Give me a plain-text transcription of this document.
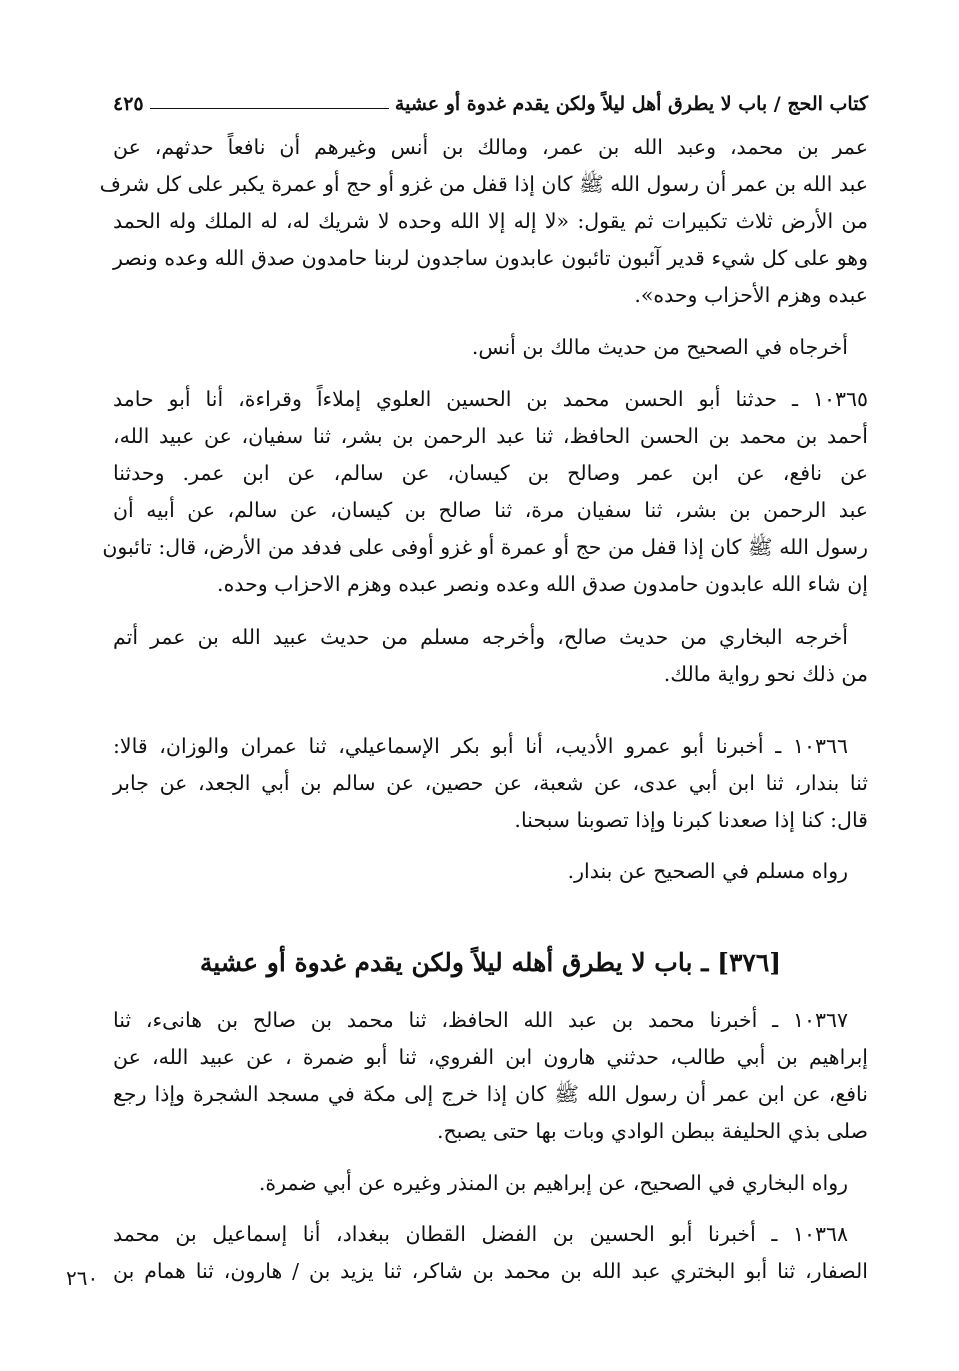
كتاب الحج / باب لا يطرق أهل ليلاً ولكن يقدم غدوة أو عشية
٤٢٥

عمر بن محمد، وعبد الله بن عمر، ومالك بن أنس وغيرهم أن نافعاً حدثهم، عن

عبد الله بن عمر أن رسول الله ﷺ كان إذا قفل من غزو أو حج أو عمرة يكبر على كل شرف

من الأرض ثلاث تكبيرات ثم يقول: «لا إله إلا الله وحده لا شريك له، له الملك وله الحمد

وهو على كل شيء قدير آئبون تائبون عابدون ساجدون لربنا حامدون صدق الله وعده ونصر

عبده وهزم الأحزاب وحده».

أخرجاه في الصحيح من حديث مالك بن أنس.

١٠٣٦٥ ـ حدثنا أبو الحسن محمد بن الحسين العلوي إملاءاً وقراءة، أنا أبو حامد

أحمد بن محمد بن الحسن الحافظ، ثنا عبد الرحمن بن بشر، ثنا سفيان، عن عبيد الله،

عن نافع، عن ابن عمر وصالح بن كيسان، عن سالم، عن ابن عمر. وحدثنا

عبد الرحمن بن بشر، ثنا سفيان مرة، ثنا صالح بن كيسان، عن سالم، عن أبيه أن

رسول الله ﷺ كان إذا قفل من حج أو عمرة أو غزو أوفى على فدفد من الأرض، قال: تائبون

إن شاء الله عابدون حامدون صدق الله وعده ونصر عبده وهزم الاحزاب وحده.

أخرجه البخاري من حديث صالح، وأخرجه مسلم من حديث عبيد الله بن عمر أتم

من ذلك نحو رواية مالك.

١٠٣٦٦ ـ أخبرنا أبو عمرو الأديب، أنا أبو بكر الإسماعيلي، ثنا عمران والوزان، قالا:

ثنا بندار، ثنا ابن أبي عدى، عن شعبة، عن حصين، عن سالم بن أبي الجعد، عن جابر

قال: كنا إذا صعدنا كبرنا وإذا تصوبنا سبحنا.

رواه مسلم في الصحيح عن بندار.

[٣٧٦] ـ باب لا يطرق أهله ليلاً ولكن يقدم غدوة أو عشية

١٠٣٦٧ ـ أخبرنا محمد بن عبد الله الحافظ، ثنا محمد بن صالح بن هانىء، ثنا

إبراهيم بن أبي طالب، حدثني هارون ابن الفروي، ثنا أبو ضمرة ، عن عبيد الله، عن

نافع، عن ابن عمر أن رسول الله ﷺ كان إذا خرج إلى مكة في مسجد الشجرة وإذا رجع

صلى بذي الحليفة ببطن الوادي وبات بها حتى يصبح.

رواه البخاري في الصحيح، عن إبراهيم بن المنذر وغيره عن أبي ضمرة.

١٠٣٦٨ ـ أخبرنا أبو الحسين بن الفضل القطان ببغداد، أنا إسماعيل بن محمد

الصفار، ثنا أبو البختري عبد الله بن محمد بن شاكر، ثنا يزيد بن / هارون، ثنا همام بن

٢٦٠
